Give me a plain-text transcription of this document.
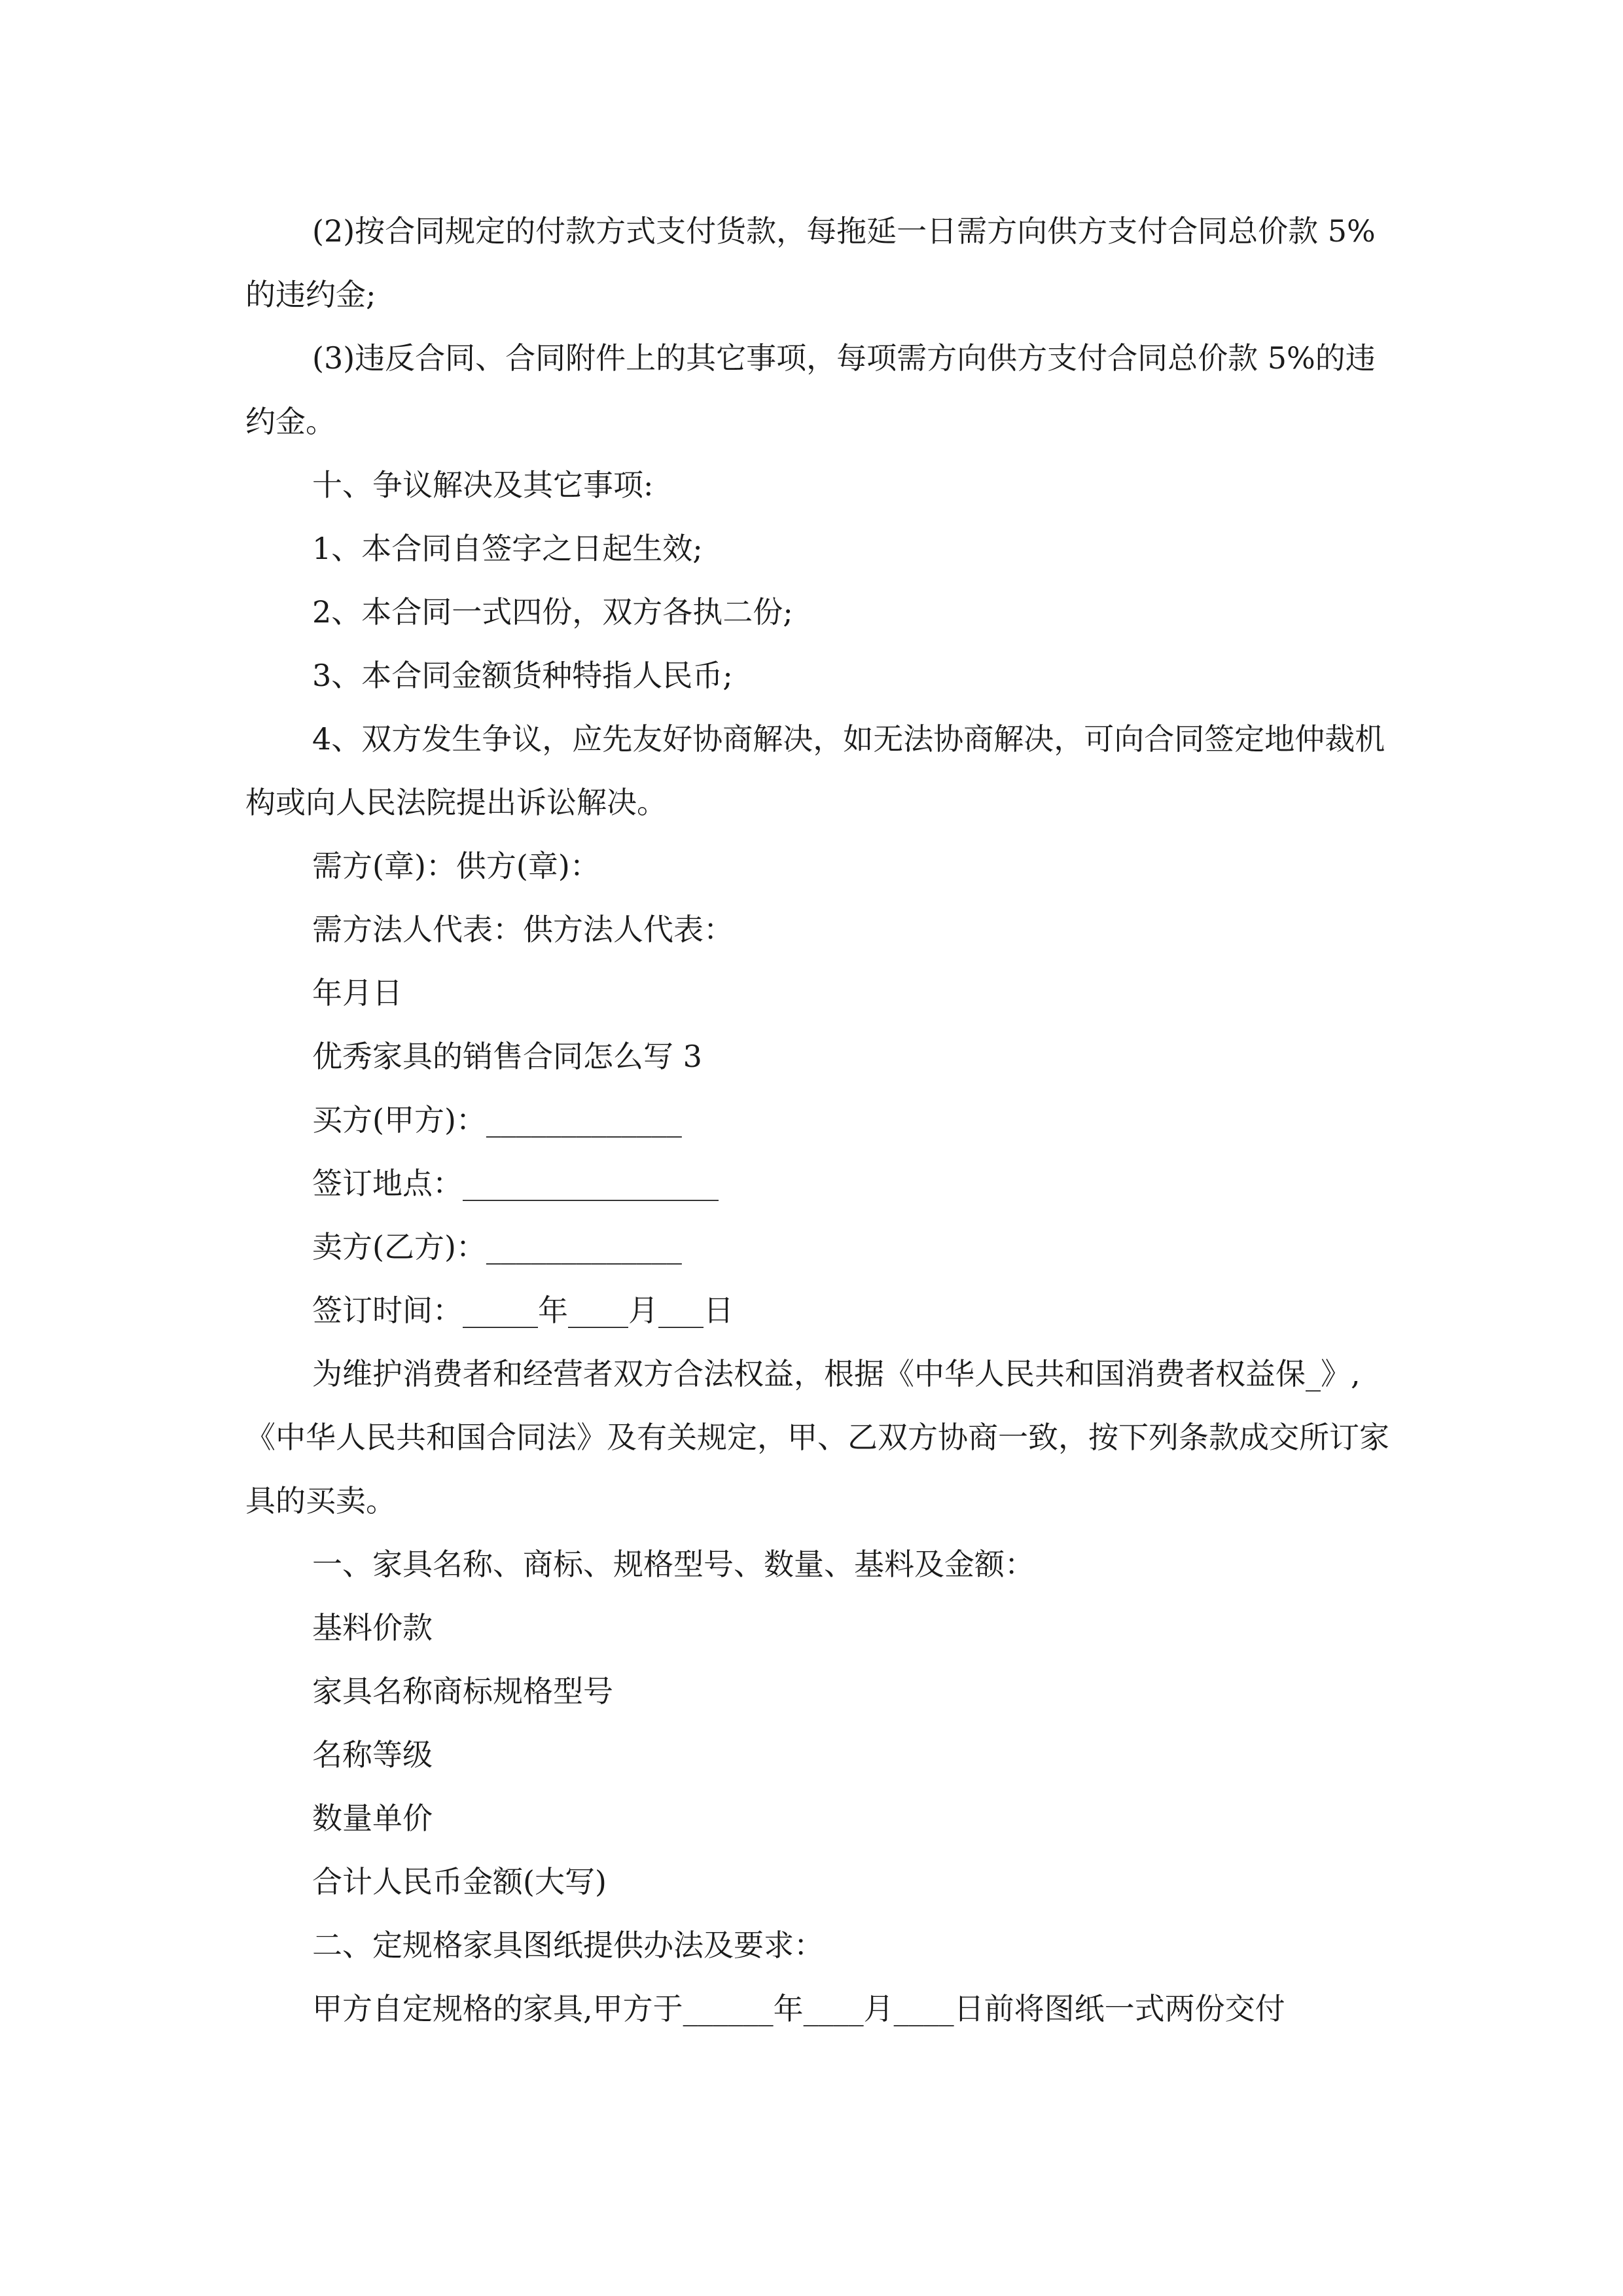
(2)按合同规定的付款方式支付货款，每拖延一日需方向供方支付合同总价款 5%的违约金;

(3)违反合同、合同附件上的其它事项，每项需方向供方支付合同总价款 5%的违约金。

十、争议解决及其它事项:

1、本合同自签字之日起生效;

2、本合同一式四份，双方各执二份;

3、本合同金额货种特指人民币;

4、双方发生争议，应先友好协商解决，如无法协商解决，可向合同签定地仲裁机构或向人民法院提出诉讼解决。

需方(章)：供方(章)：

需方法人代表：供方法人代表：

年月日

优秀家具的销售合同怎么写 3

买方(甲方)：_____________

签订地点：_________________

卖方(乙方)：_____________

签订时间：_____年____月___日

为维护消费者和经营者双方合法权益，根据《中华人民共和国消费者权益保_》,《中华人民共和国合同法》及有关规定，甲、乙双方协商一致，按下列条款成交所订家具的买卖。

一、家具名称、商标、规格型号、数量、基料及金额：

基料价款

家具名称商标规格型号

名称等级

数量单价

合计人民币金额(大写)

二、定规格家具图纸提供办法及要求：

甲方自定规格的家具,甲方于______年____月____日前将图纸一式两份交付
